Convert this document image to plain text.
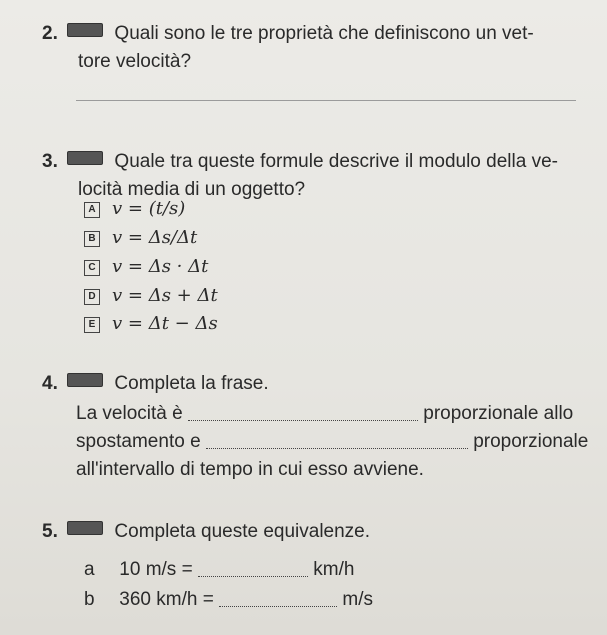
2.	Quali sono le tre proprietà che definiscono un vet-
tore velocità?
3.	Quale tra queste formule descrive il modulo della ve-
locità media di un oggetto?
A v = (t/s)
B v = Δs/Δt
C v = Δs · Δt
D v = Δs + Δt
E v = Δt − Δs
4.	Completa la frase.
La velocità è	proporzionale allo
spostamento e	proporzionale
all'intervallo di tempo in cui esso avviene.
5.	Completa queste equivalenze.
a 10 m/s =	km/h
b 360 km/h =	m/s
